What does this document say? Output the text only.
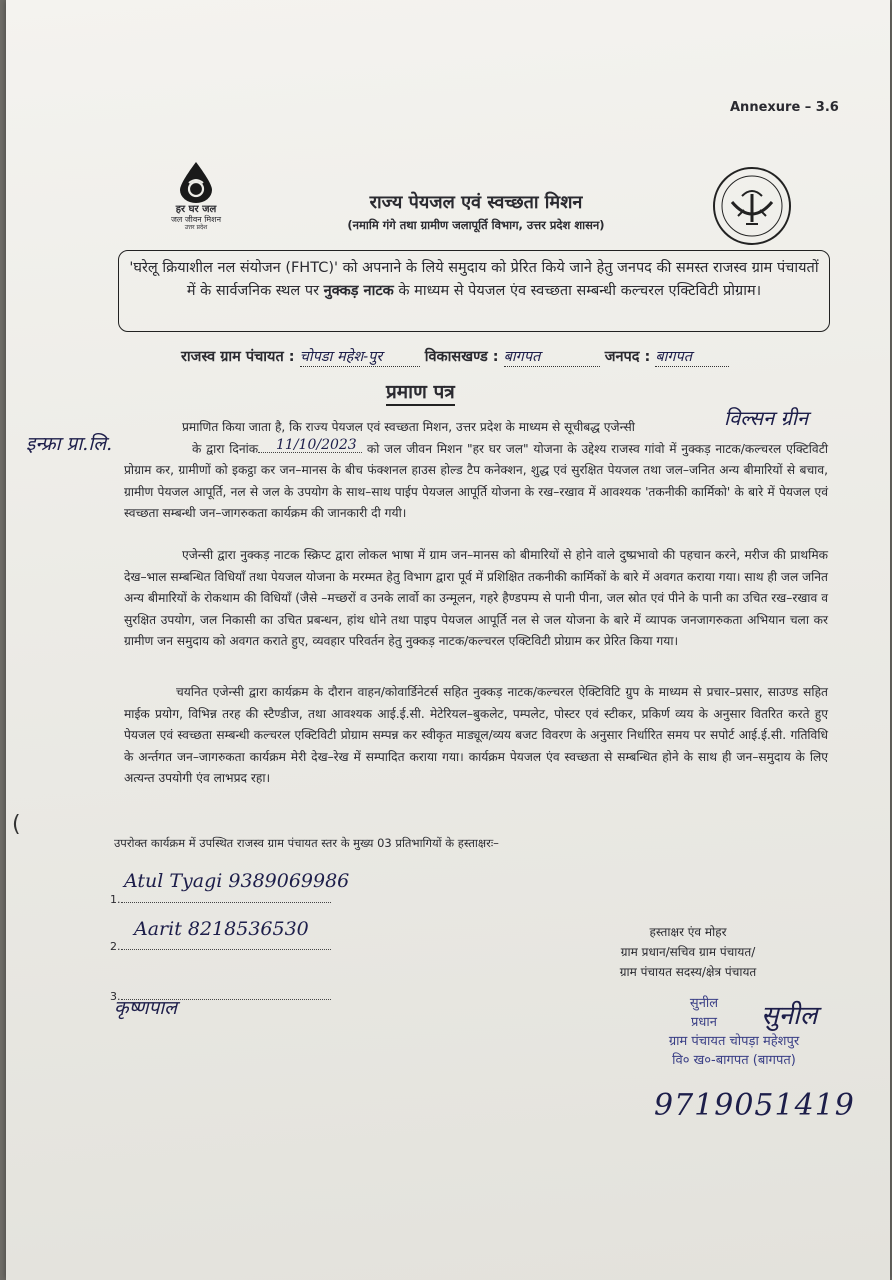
Annexure – 3.6
हर घर जल
जल जीवन मिशन
उत्तर प्रदेश
राज्य पेयजल एवं स्वच्छता मिशन
(नमामि गंगे तथा ग्रामीण जलापूर्ति विभाग, उत्तर प्रदेश शासन)
'घरेलू क्रियाशील नल संयोजन (FHTC)' को अपनाने के लिये समुदाय को प्रेरित किये जाने हेतु जनपद की समस्त राजस्व ग्राम पंचायतों में के सार्वजनिक स्थल पर नुक्कड़ नाटक के माध्यम से पेयजल एंव स्वच्छता सम्बन्धी कल्चरल एक्टिविटी प्रोग्राम।
राजस्व ग्राम पंचायत : चोपडा महेश-पुर	विकासखण्ड : बागपत	जनपद : बागपत
प्रमाण पत्र
विल्सन ग्रीन
इन्फ्रा प्रा.लि.
प्रमाणित किया जाता है, कि राज्य पेयजल एवं स्वच्छता मिशन, उत्तर प्रदेश के माध्यम से सूचीबद्ध एजेन्सी
के द्वारा दिनांक	को जल जीवन मिशन "हर घर जल" योजना के उद्देश्य राजस्व गांवो में नुक्कड़ नाटक/कल्चरल एक्टिविटी प्रोग्राम कर, ग्रामीणों को इकट्ठा कर जन–मानस के बीच फंक्शनल हाउस होल्ड टैप कनेक्शन, शुद्ध एवं सुरक्षित पेयजल तथा जल–जनित अन्य बीमारियों से बचाव, ग्रामीण पेयजल आपूर्ति, नल से जल के उपयोग के साथ–साथ पाईप पेयजल आपूर्ति योजना के रख–रखाव में आवश्यक 'तकनीकी कार्मिको' के बारे में पेयजल एवं स्वच्छता सम्बन्धी जन–जागरुकता कार्यक्रम की जानकारी दी गयी।
11/10/2023
एजेन्सी द्वारा नुक्कड़ नाटक स्क्रिप्ट द्वारा लोकल भाषा में ग्राम जन–मानस को बीमारियों से होने वाले दुष्प्रभावो की पहचान करने, मरीज की प्राथमिक देख–भाल सम्बन्धित विधियाँ तथा पेयजल योजना के मरम्मत हेतु विभाग द्वारा पूर्व में प्रशिक्षित तकनीकी कार्मिकों के बारे में अवगत कराया गया। साथ ही जल जनित अन्य बीमारियों के रोकथाम की विधियाँ (जैसे –मच्छरों व उनके लार्वो का उन्मूलन, गहरे हैण्डपम्प से पानी पीना, जल स्रोत एवं पीने के पानी का उचित रख–रखाव व सुरक्षित उपयोग, जल निकासी का उचित प्रबन्धन, हांथ धोने तथा पाइप पेयजल आपूर्ति नल से जल योजना के बारे में व्यापक जनजागरुकता अभियान चला कर ग्रामीण जन समुदाय को अवगत कराते हुए, व्यवहार परिवर्तन हेतु नुक्कड़ नाटक/कल्चरल एक्टिविटी प्रोग्राम कर प्रेरित किया गया।
चयनित एजेन्सी द्वारा कार्यक्रम के दौरान वाहन/कोवार्डिनेटर्स सहित नुक्कड़ नाटक/कल्चरल ऐक्टिविटि ग्रुप के माध्यम से प्रचार–प्रसार, साउण्ड सहित माईक प्रयोग, विभिन्न तरह की स्टैण्डीज, तथा आवश्यक आई.ई.सी. मेटेरियल–बुकलेट, पम्पलेट, पोस्टर एवं स्टीकर, प्रकिर्ण व्यय के अनुसार वितरित करते हुए पेयजल एवं स्वच्छता सम्बन्धी कल्चरल एक्टिविटी प्रोग्राम सम्पन्न कर स्वीकृत माड्यूल/व्यय बजट विवरण के अनुसार निर्धारित समय पर सपोर्ट आई.ई.सी. गतिविधि के अर्न्तगत जन–जागरुकता कार्यक्रम मेरी देख–रेख में सम्पादित कराया गया। कार्यक्रम पेयजल एंव स्वच्छता से सम्बन्धित होने के साथ ही जन–समुदाय के लिए अत्यन्त उपयोगी एंव लाभप्रद रहा।
(
उपरोक्त कार्यक्रम में उपस्थित राजस्व ग्राम पंचायत स्तर के मुख्य 03 प्रतिभागियों के हस्ताक्षरः–
1.
2.
3.
Atul Tyagi 9389069986
Aarit 8218536530
कृष्णपाल
हस्ताक्षर एंव मोहर
ग्राम प्रधान/सचिव ग्राम पंचायत/
ग्राम पंचायत सदस्य/क्षेत्र पंचायत
सुनील
प्रधान
ग्राम पंचायत चोपड़ा महेशपुर
वि० ख०-बागपत (बागपत)
सुनील
9719051419
